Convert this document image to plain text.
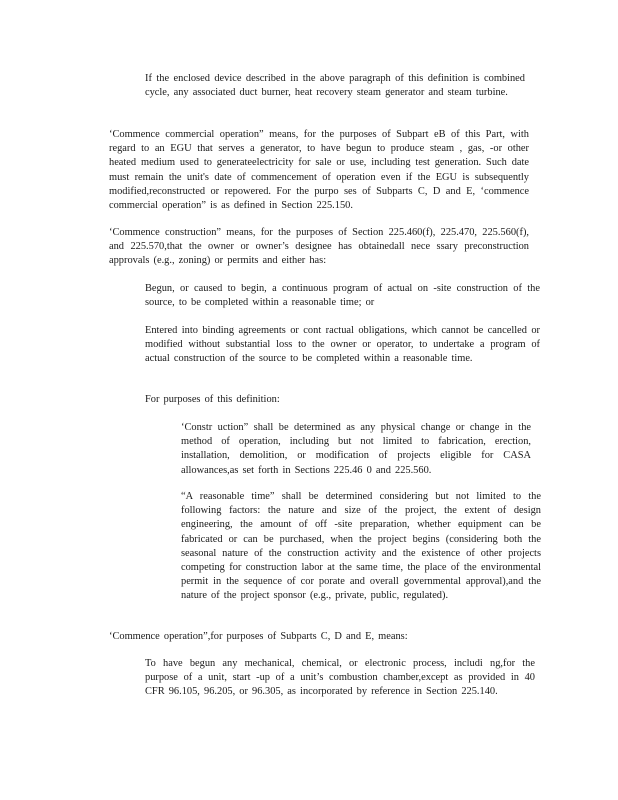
If the enclosed device described in the above paragraph of this definition is combined cycle, any associated duct burner, heat recovery steam generator and steam turbine.

‘Commence commercial operation” means, for the purposes of Subpart eB of this Part, with regard to an EGU that serves a generator, to have begun to produce steam , gas, -or other heated medium used to generateelectricity for sale or use, including test generation. Such date must remain the unit's date of commencement of operation even if the EGU is subsequently modified,reconstructed or repowered. For the purpo ses of Subparts C, D and E, ‘commence commercial operation” is as defined in Section 225.150.

‘Commence construction” means, for the purposes of Section 225.460(f), 225.470, 225.560(f), and 225.570,that the owner or owner’s designee has obtainedall nece ssary preconstruction approvals (e.g., zoning) or permits and either has:

Begun, or caused to begin, a continuous program of actual on -site construction of the source, to be completed within a reasonable time; or

Entered into binding agreements or cont ractual obligations, which cannot be cancelled or modified without substantial loss to the owner or operator, to undertake a program of actual construction of the source to be completed within a reasonable time.

For purposes of this definition:

‘Constr uction” shall be determined as any physical change or change in the method of operation, including but not limited to fabrication, erection, installation, demolition, or modification of projects eligible for CASA allowances,as set forth in Sections 225.46 0 and 225.560.

“A reasonable time” shall be determined considering but not limited to the following factors: the nature and size of the project, the extent of design engineering, the amount of off -site preparation, whether equipment can be fabricated or can be purchased, when the project begins (considering both the seasonal nature of the construction activity and the existence of other projects competing for construction labor at the same time, the place of the environmental permit in the sequence of cor porate and overall governmental approval),and the nature of the project sponsor (e.g., private, public, regulated).

‘Commence operation”,for purposes of Subparts C, D and E, means:

To have begun any mechanical, chemical, or electronic process, includi ng,for the purpose of a unit, start -up of a unit’s combustion chamber,except as provided in 40 CFR 96.105, 96.205, or 96.305, as incorporated by reference in Section 225.140.
